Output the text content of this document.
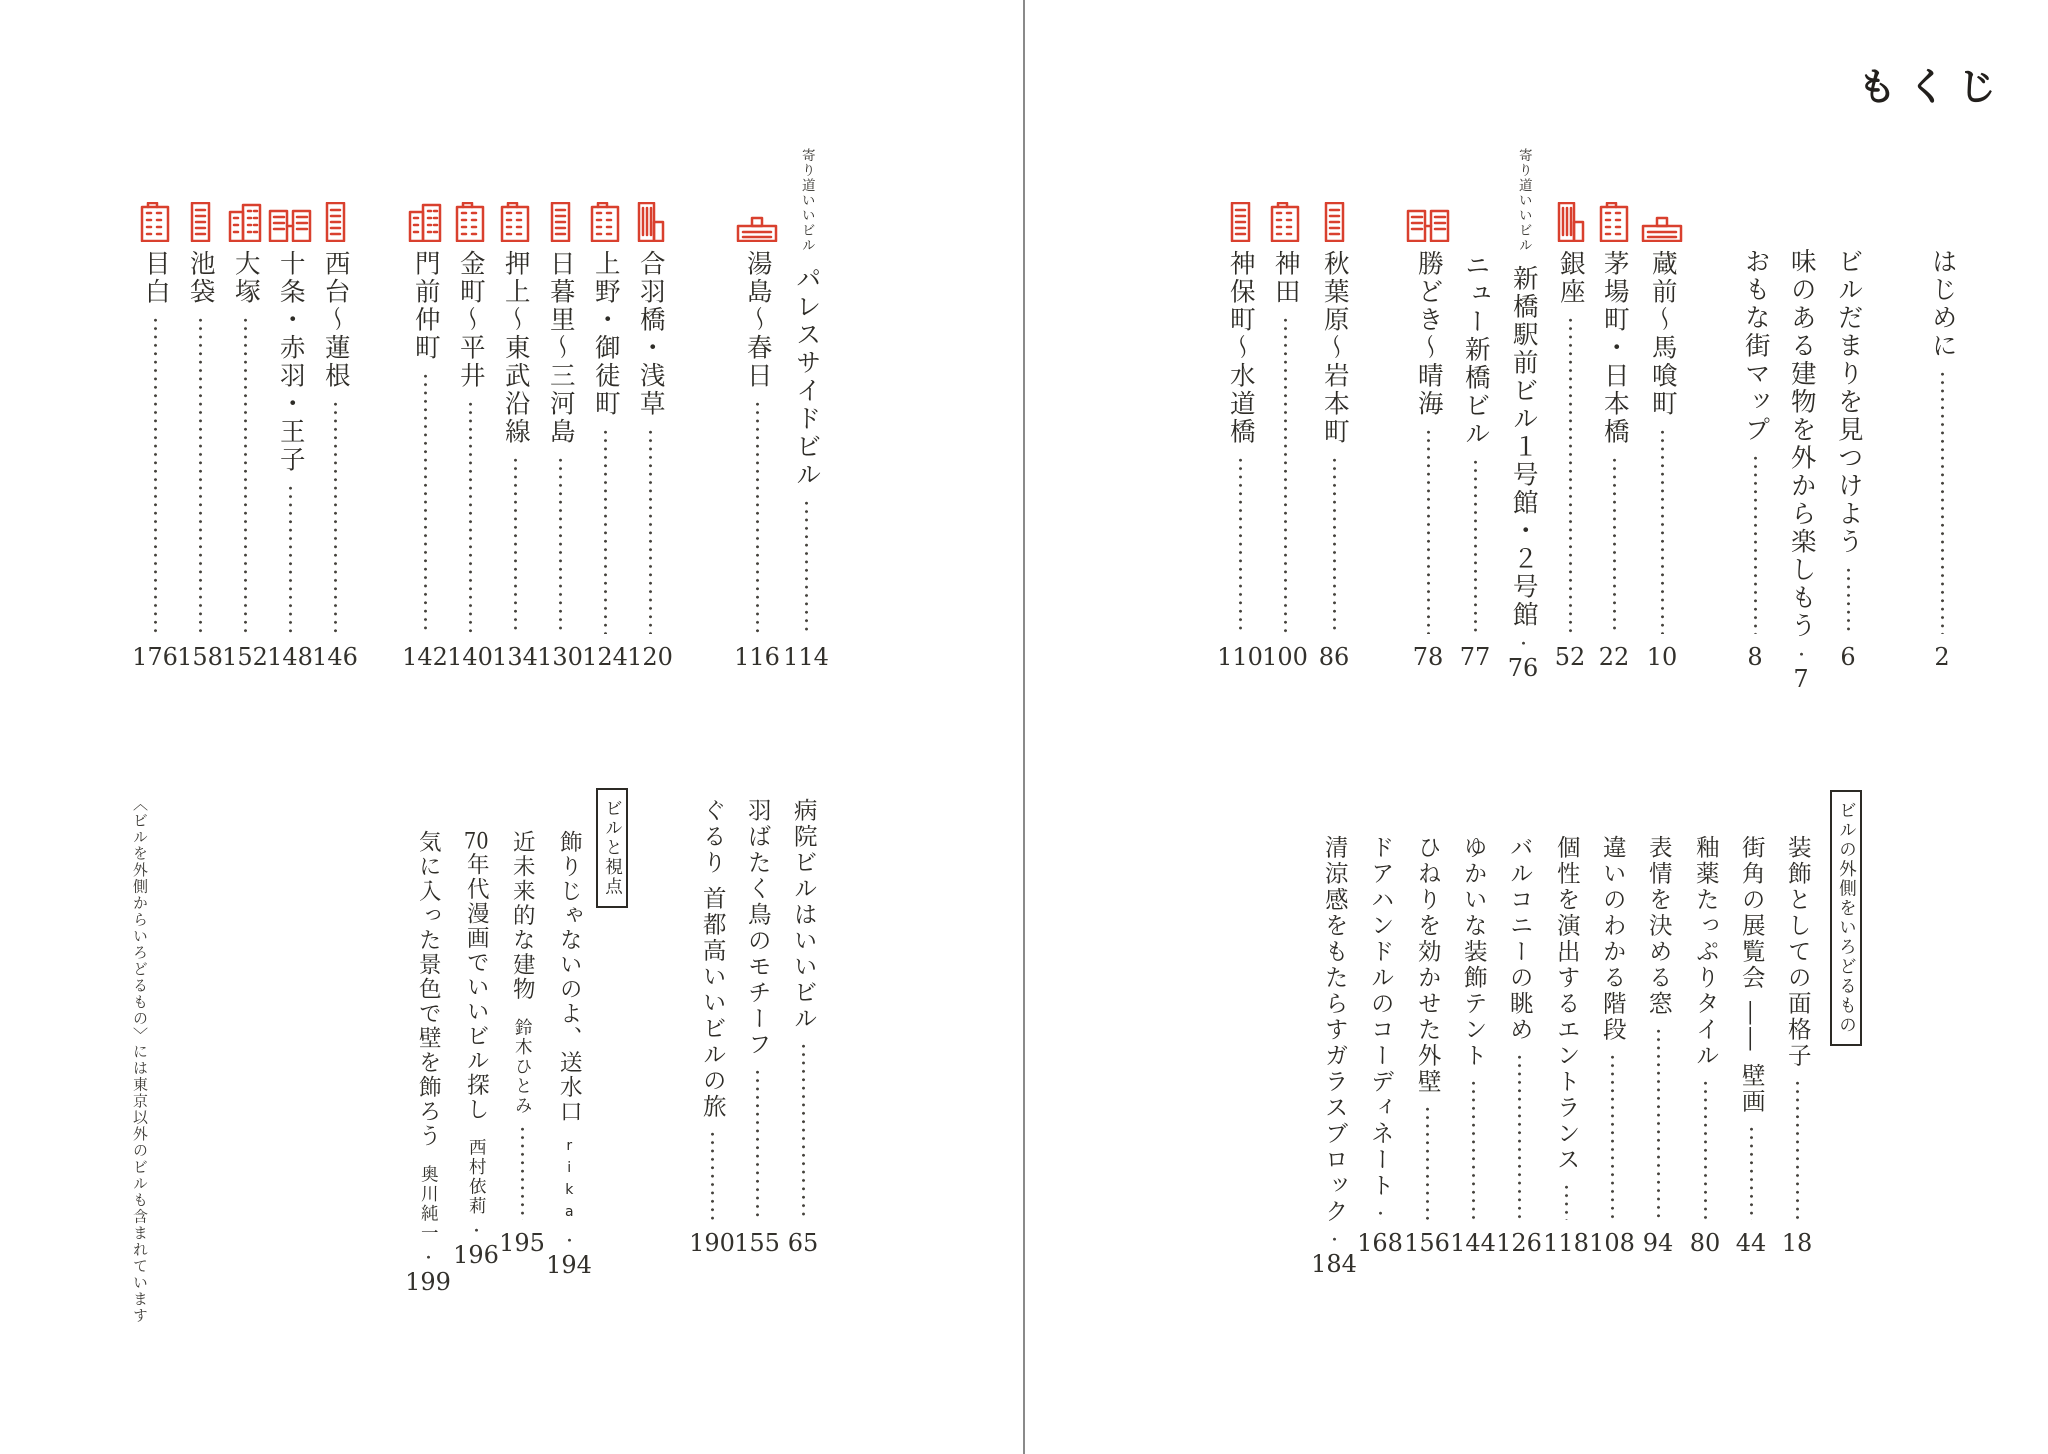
もくじ
ビルの外側をいろどるもの
ビルと視点
〈ビルを外側からいろどるもの〉には東京以外のビルも含まれています
はじめに
2
ビルだまりを見つけよう
6
味のある建物を外から楽しもう
7
おもな街マップ
8
蔵前〜馬喰町
10
茅場町・日本橋
22
銀座
52
寄り道いいビル
新橋駅前ビル１号館・２号館
76
ニュー新橋ビル
77
勝どき〜晴海
78
秋葉原〜岩本町
86
神田
100
神保町〜水道橋
110
寄り道いいビル
パレスサイドビル
114
湯島〜春日
116
合羽橋・浅草
120
上野・御徒町
124
日暮里〜三河島
130
押上〜東武沿線
134
金町〜平井
140
門前仲町
142
西台〜蓮根
146
十条・赤羽・王子
148
大塚
152
池袋
158
目白
176
装飾としての面格子
18
街角の展覧会 ―― 壁画
44
釉薬たっぷりタイル
80
表情を決める窓
94
違いのわかる階段
108
個性を演出するエントランス
118
バルコニーの眺め
126
ゆかいな装飾テント
144
ひねりを効かせた外壁
156
ドアハンドルのコーディネート
168
清涼感をもたらすガラスブロック
184
病院ビルはいいビル
65
羽ばたく鳥のモチーフ
155
ぐるり 首都高いいビルの旅
190
飾りじゃないのよ、送水口rika
194
近未来的な建物鈴木ひとみ
195
70年代漫画でいいビル探し西村依莉
196
気に入った景色で壁を飾ろう奥川純一
199
